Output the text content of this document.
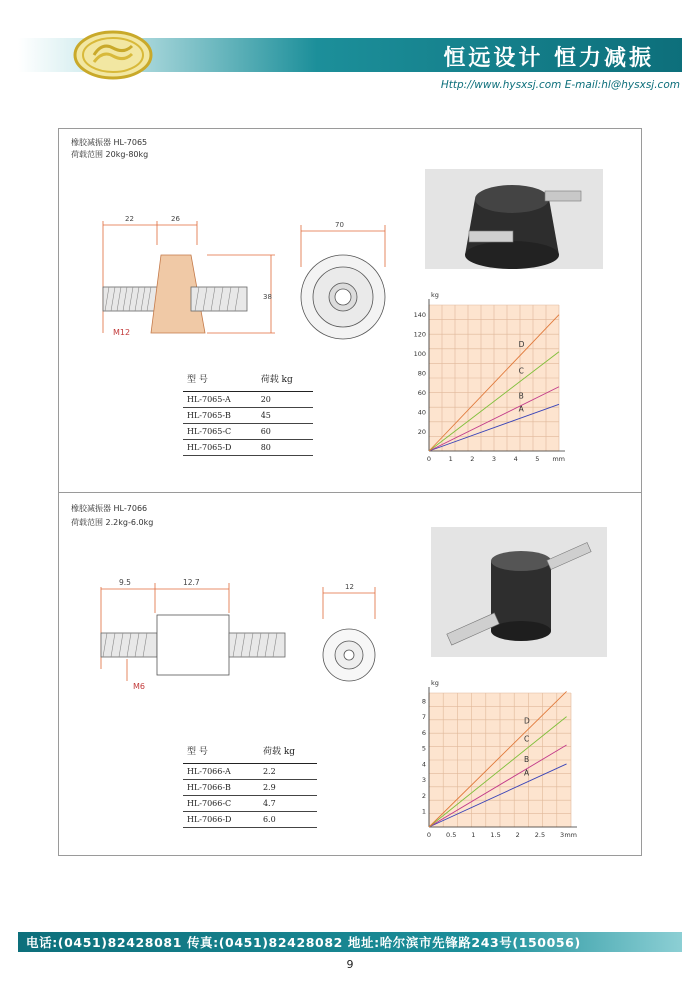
恒远设计 恒力减振
Http://www.hysxsj.com E-mail:hl@hysxsj.com
橡胶减振器 HL-7065
荷载范围 20kg-80kg
22	26
38
M12
70
型 号	荷载 kg
HL-7065-A	20
HL-7065-B	45
HL-7065-C	60
HL-7065-D	80
20
40
60
80
100
120
140
0	1	2	3	4	5
kg
mm
A
B
C
D
橡胶减振器 HL-7066
荷载范围 2.2kg-6.0kg
9.5	12.7
M6
12
型 号	荷载 kg
HL-7066-A	2.2
HL-7066-B	2.9
HL-7066-C	4.7
HL-7066-D	6.0
1
2
3
4
5
6
7
8
0 0.5 1 1.5 2 2.5 3
kg
mm
A
B
C
D
电话:(0451)82428081 传真:(0451)82428082 地址:哈尔滨市先锋路243号(150056)
9
